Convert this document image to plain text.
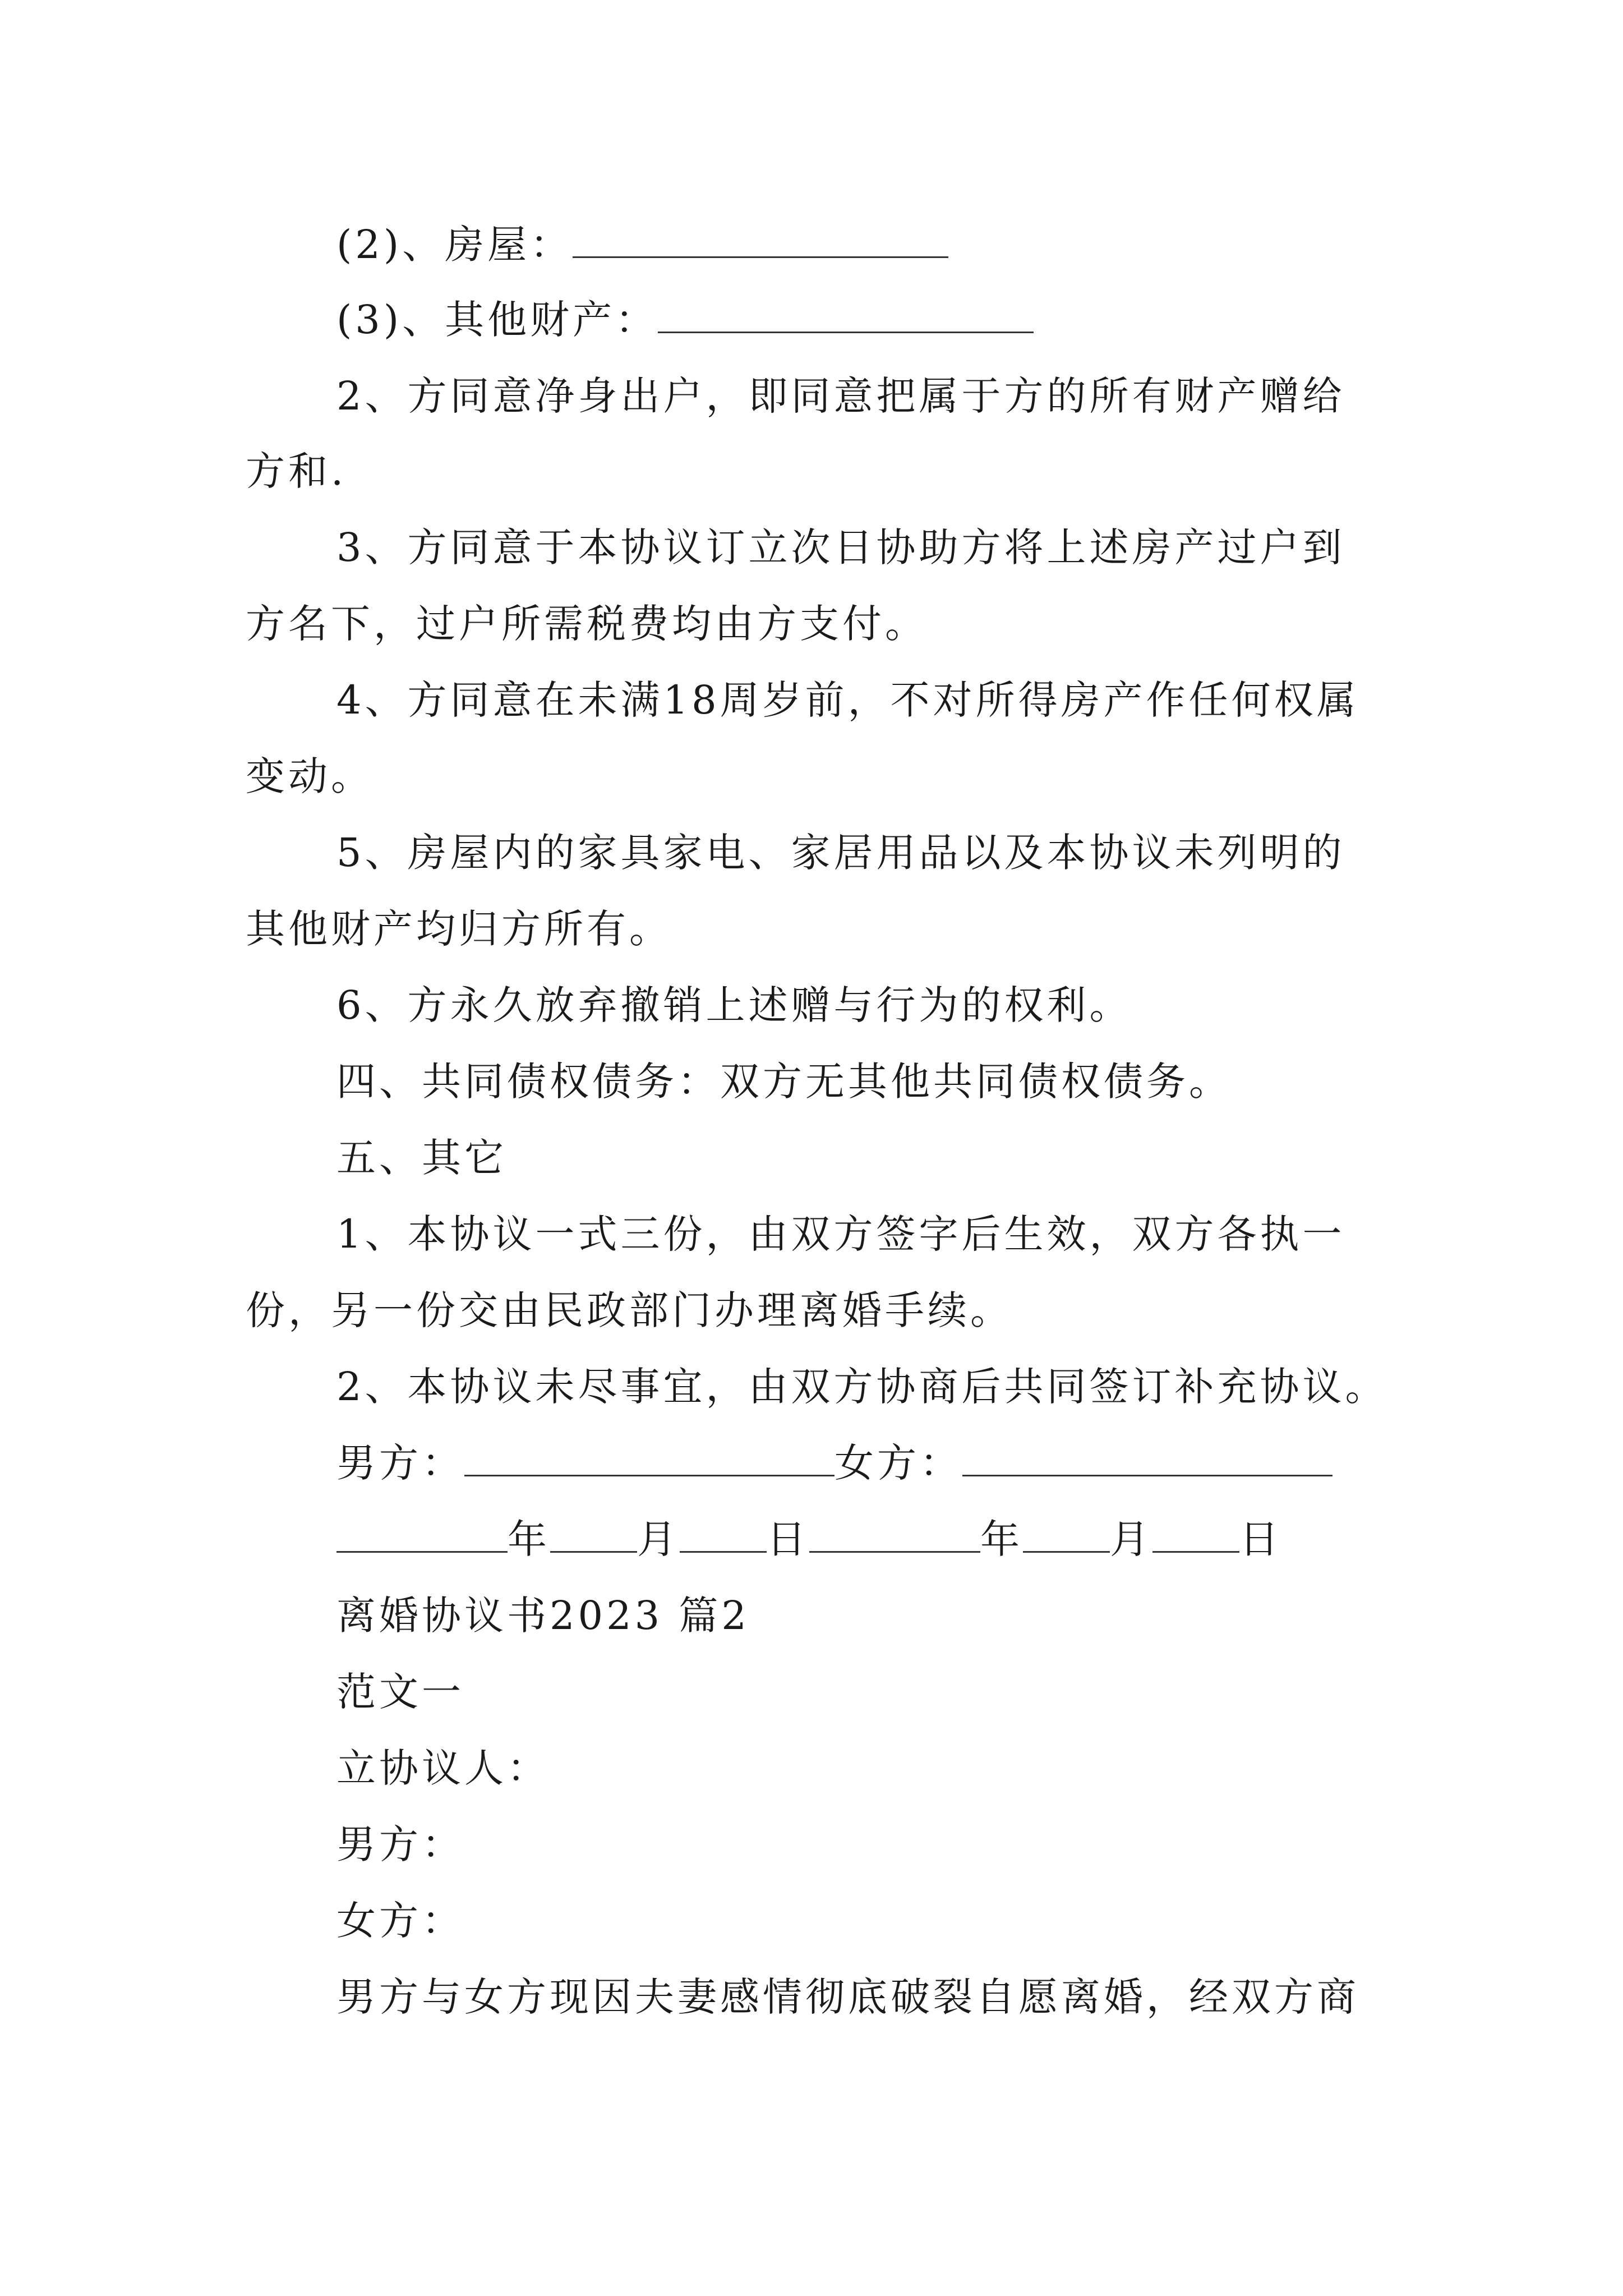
(2)、房屋：
(3)、其他财产：
2、方同意净身出户，即同意把属于方的所有财产赠给
方和.
3、方同意于本协议订立次日协助方将上述房产过户到
方名下，过户所需税费均由方支付。
4、方同意在未满18周岁前，不对所得房产作任何权属
变动。
5、房屋内的家具家电、家居用品以及本协议未列明的
其他财产均归方所有。
6、方永久放弃撤销上述赠与行为的权利。
四、共同债权债务：双方无其他共同债权债务。
五、其它
1、本协议一式三份，由双方签字后生效，双方各执一
份，另一份交由民政部门办理离婚手续。
2、本协议未尽事宜，由双方协商后共同签订补充协议。
男方：	女方：
年 月 日	年 月 日
离婚协议书2023 篇2
范文一
立协议人：
男方：
女方：
男方与女方现因夫妻感情彻底破裂自愿离婚，经双方商
